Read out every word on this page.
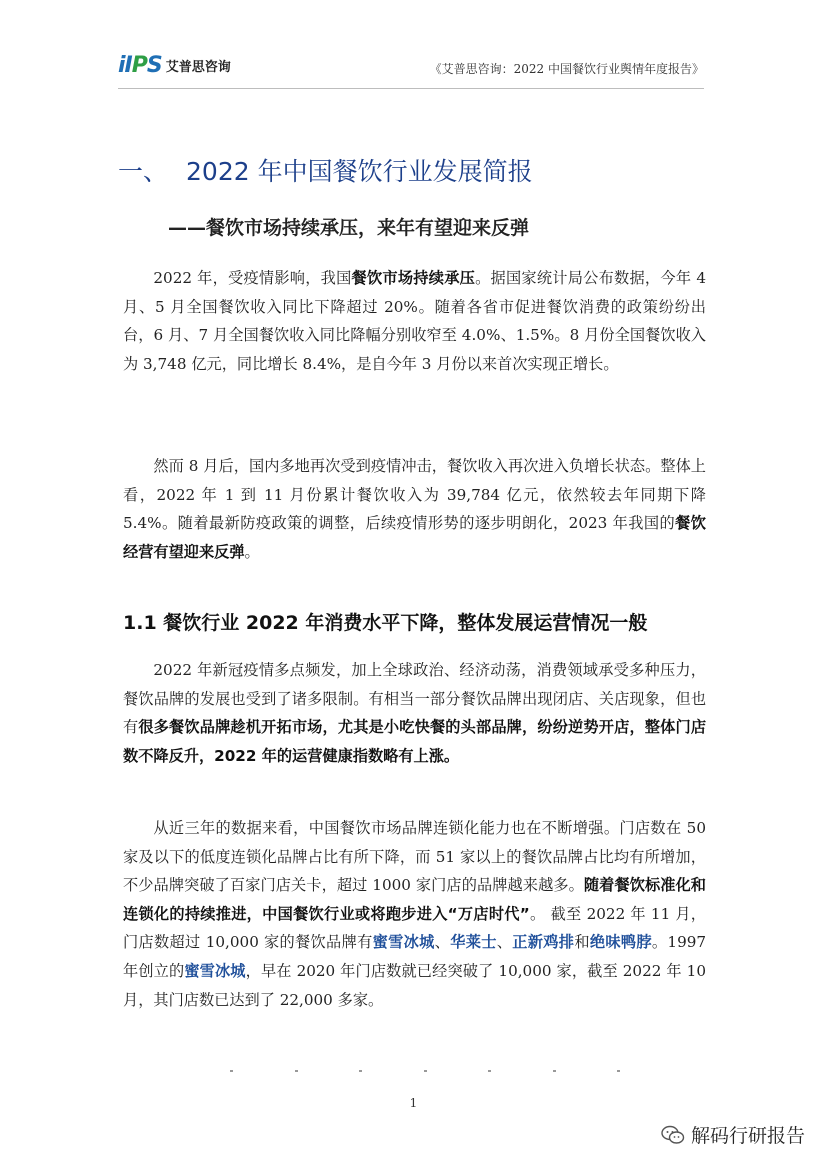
iIPS 艾普思咨询	《艾普思咨询：2022 中国餐饮行业舆情年度报告》
一、 2022 年中国餐饮行业发展简报
——餐饮市场持续承压，来年有望迎来反弹
2022 年，受疫情影响，我国餐饮市场持续承压。据国家统计局公布数据，今年 4 月、5 月全国餐饮收入同比下降超过 20%。随着各省市促进餐饮消费的政策纷纷出台，6 月、7 月全国餐饮收入同比降幅分别收窄至 4.0%、1.5%。8 月份全国餐饮收入为 3,748 亿元，同比增长 8.4%，是自今年 3 月份以来首次实现正增长。
然而 8 月后，国内多地再次受到疫情冲击，餐饮收入再次进入负增长状态。整体上看，2022 年 1 到 11 月份累计餐饮收入为 39,784 亿元，依然较去年同期下降 5.4%。随着最新防疫政策的调整，后续疫情形势的逐步明朗化，2023 年我国的餐饮经营有望迎来反弹。
1.1 餐饮行业 2022 年消费水平下降，整体发展运营情况一般
2022 年新冠疫情多点频发，加上全球政治、经济动荡，消费领域承受多种压力，餐饮品牌的发展也受到了诸多限制。有相当一部分餐饮品牌出现闭店、关店现象，但也有很多餐饮品牌趁机开拓市场，尤其是小吃快餐的头部品牌，纷纷逆势开店，整体门店数不降反升，2022 年的运营健康指数略有上涨。
从近三年的数据来看，中国餐饮市场品牌连锁化能力也在不断增强。门店数在 50 家及以下的低度连锁化品牌占比有所下降，而 51 家以上的餐饮品牌占比均有所增加，不少品牌突破了百家门店关卡，超过 1000 家门店的品牌越来越多。随着餐饮标准化和连锁化的持续推进，中国餐饮行业或将跑步进入“万店时代”。 截至 2022 年 11 月，门店数超过 10,000 家的餐饮品牌有蜜雪冰城、华莱士、正新鸡排和绝味鸭脖。1997 年创立的蜜雪冰城，早在 2020 年门店数就已经突破了 10,000 家，截至 2022 年 10 月，其门店数已达到了 22,000 多家。
1
解码行研报告
